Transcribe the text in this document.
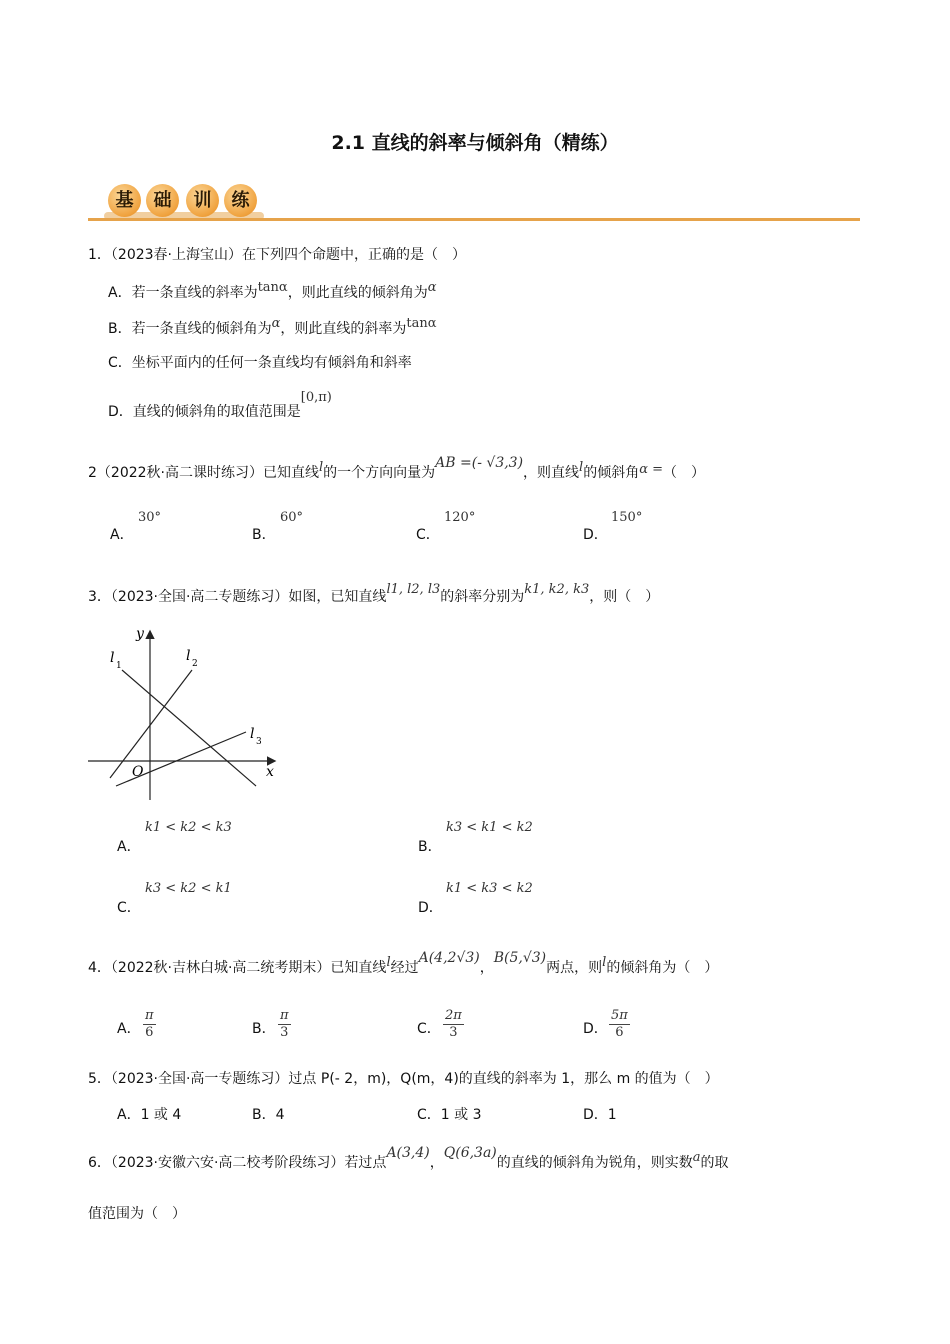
2.1 直线的斜率与倾斜角（精练）
基	础	训	练
1．（2023春·上海宝山）在下列四个命题中，正确的是（　）
A．若一条直线的斜率为tanα，则此直线的倾斜角为α
B．若一条直线的倾斜角为α，则此直线的斜率为tanα
C．坐标平面内的任何一条直线均有倾斜角和斜率
D．直线的倾斜角的取值范围是[0,π)
2（2022秋·高二课时练习）已知直线l的一个方向向量为AB =(- √3,3)，则直线l的倾斜角α =（　）
A．
30°
B．
60°
C．
120°
D．
150°
3．（2023·全国·高二专题练习）如图，已知直线l1, l2, l3的斜率分别为k1, k2, k3，则（　）
y
x
O
l 1
l 2
l 3
A．
k1 < k2 < k3
B．
k3 < k1 < k2
C．
k3 < k2 < k1
D．
k1 < k3 < k2
4．（2022秋·吉林白城·高二统考期末）已知直线l经过A(4,2√3)，B(5,√3)两点，则l的倾斜角为（　）
A． $\frac{\pi}{6}$	B． $\frac{\pi}{3}$	C． $\frac{2\pi}{3}$	D． $\frac{5\pi}{6}$
5．（2023·全国·高一专题练习）过点 P(- 2，m)，Q(m，4)的直线的斜率为 1，那么 m 的值为（　）
A．1 或 4	B．4	C．1 或 3	D．1
6．（2023·安徽六安·高二校考阶段练习）若过点A(3,4)，Q(6,3a)的直线的倾斜角为锐角，则实数a的取
值范围为（　）
